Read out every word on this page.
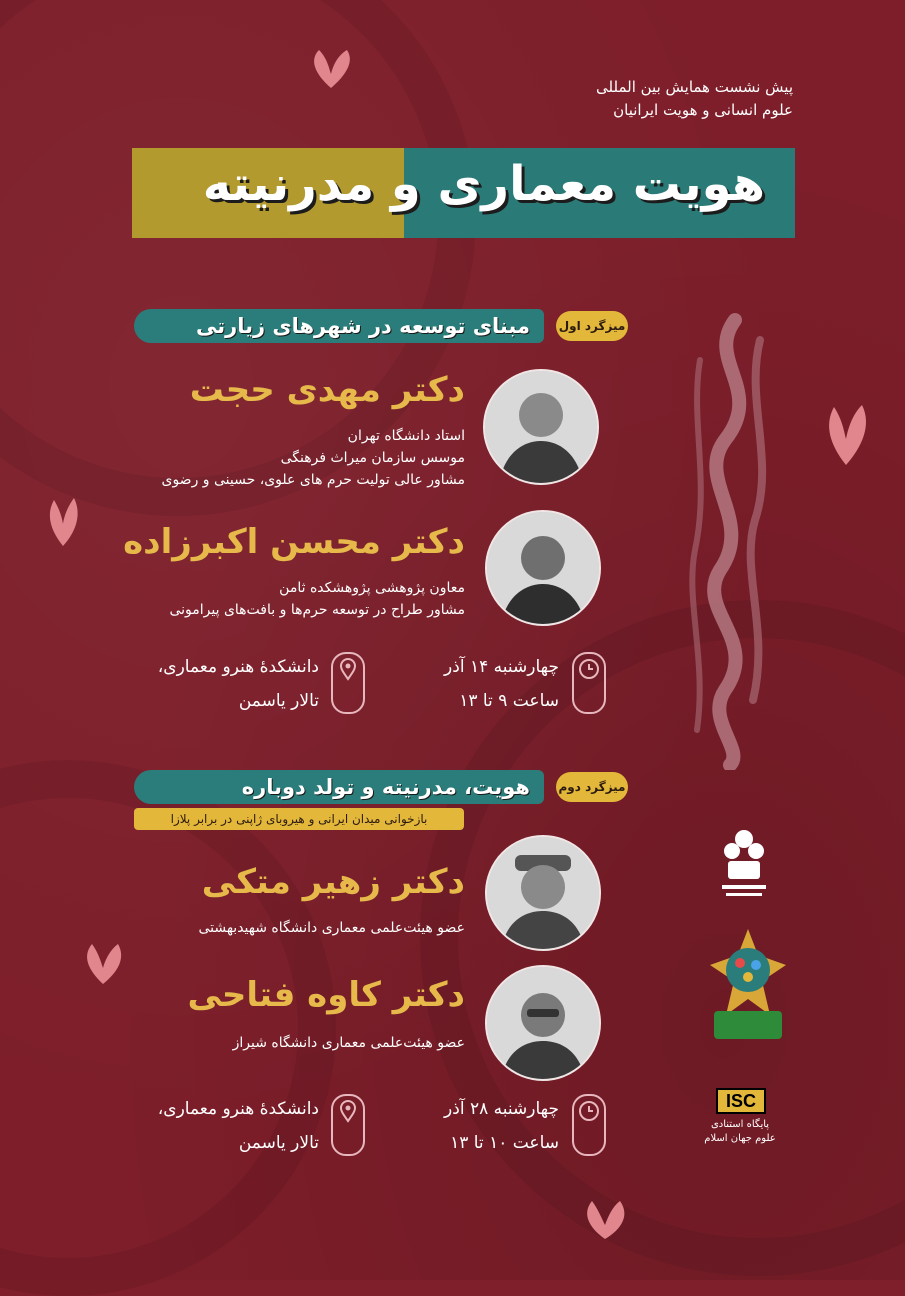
پیش نشست همایش بین المللی
علوم انسانی و هویت ایرانیان
هویت معماری و مدرنیته
میزگرد اول
مبنای توسعه در شهرهای زیارتی
دکتر مهدی حجت
استاد دانشگاه تهران
موسس سازمان میراث فرهنگی
مشاور عالی تولیت حرم های علوی، حسینی و رضوی
دکتر محسن اکبرزاده
معاون پژوهشی پژوهشکده ثامن
مشاور طراح در توسعه حرم‌ها و بافت‌های پیرامونی
چهارشنبه ۱۴ آذر
ساعت ۹ تا ۱۳
دانشکدهٔ هنرو معماری،
تالار یاسمن
میزگرد دوم
هویت، مدرنیته و تولد دوباره
بازخوانی میدان ایرانی و هیروبای ژاپنی در برابر پلازا
دکتر زهیر متکی
عضو هیئت‌علمی معماری دانشگاه شهیدبهشتی
دکتر کاوه فتاحی
عضو هیئت‌علمی معماری دانشگاه شیراز
چهارشنبه ۲۸ آذر
ساعت ۱۰ تا ۱۳
دانشکدهٔ هنرو معماری،
تالار یاسمن
ISC
پایگاه استنادی
علوم جهان اسلام
